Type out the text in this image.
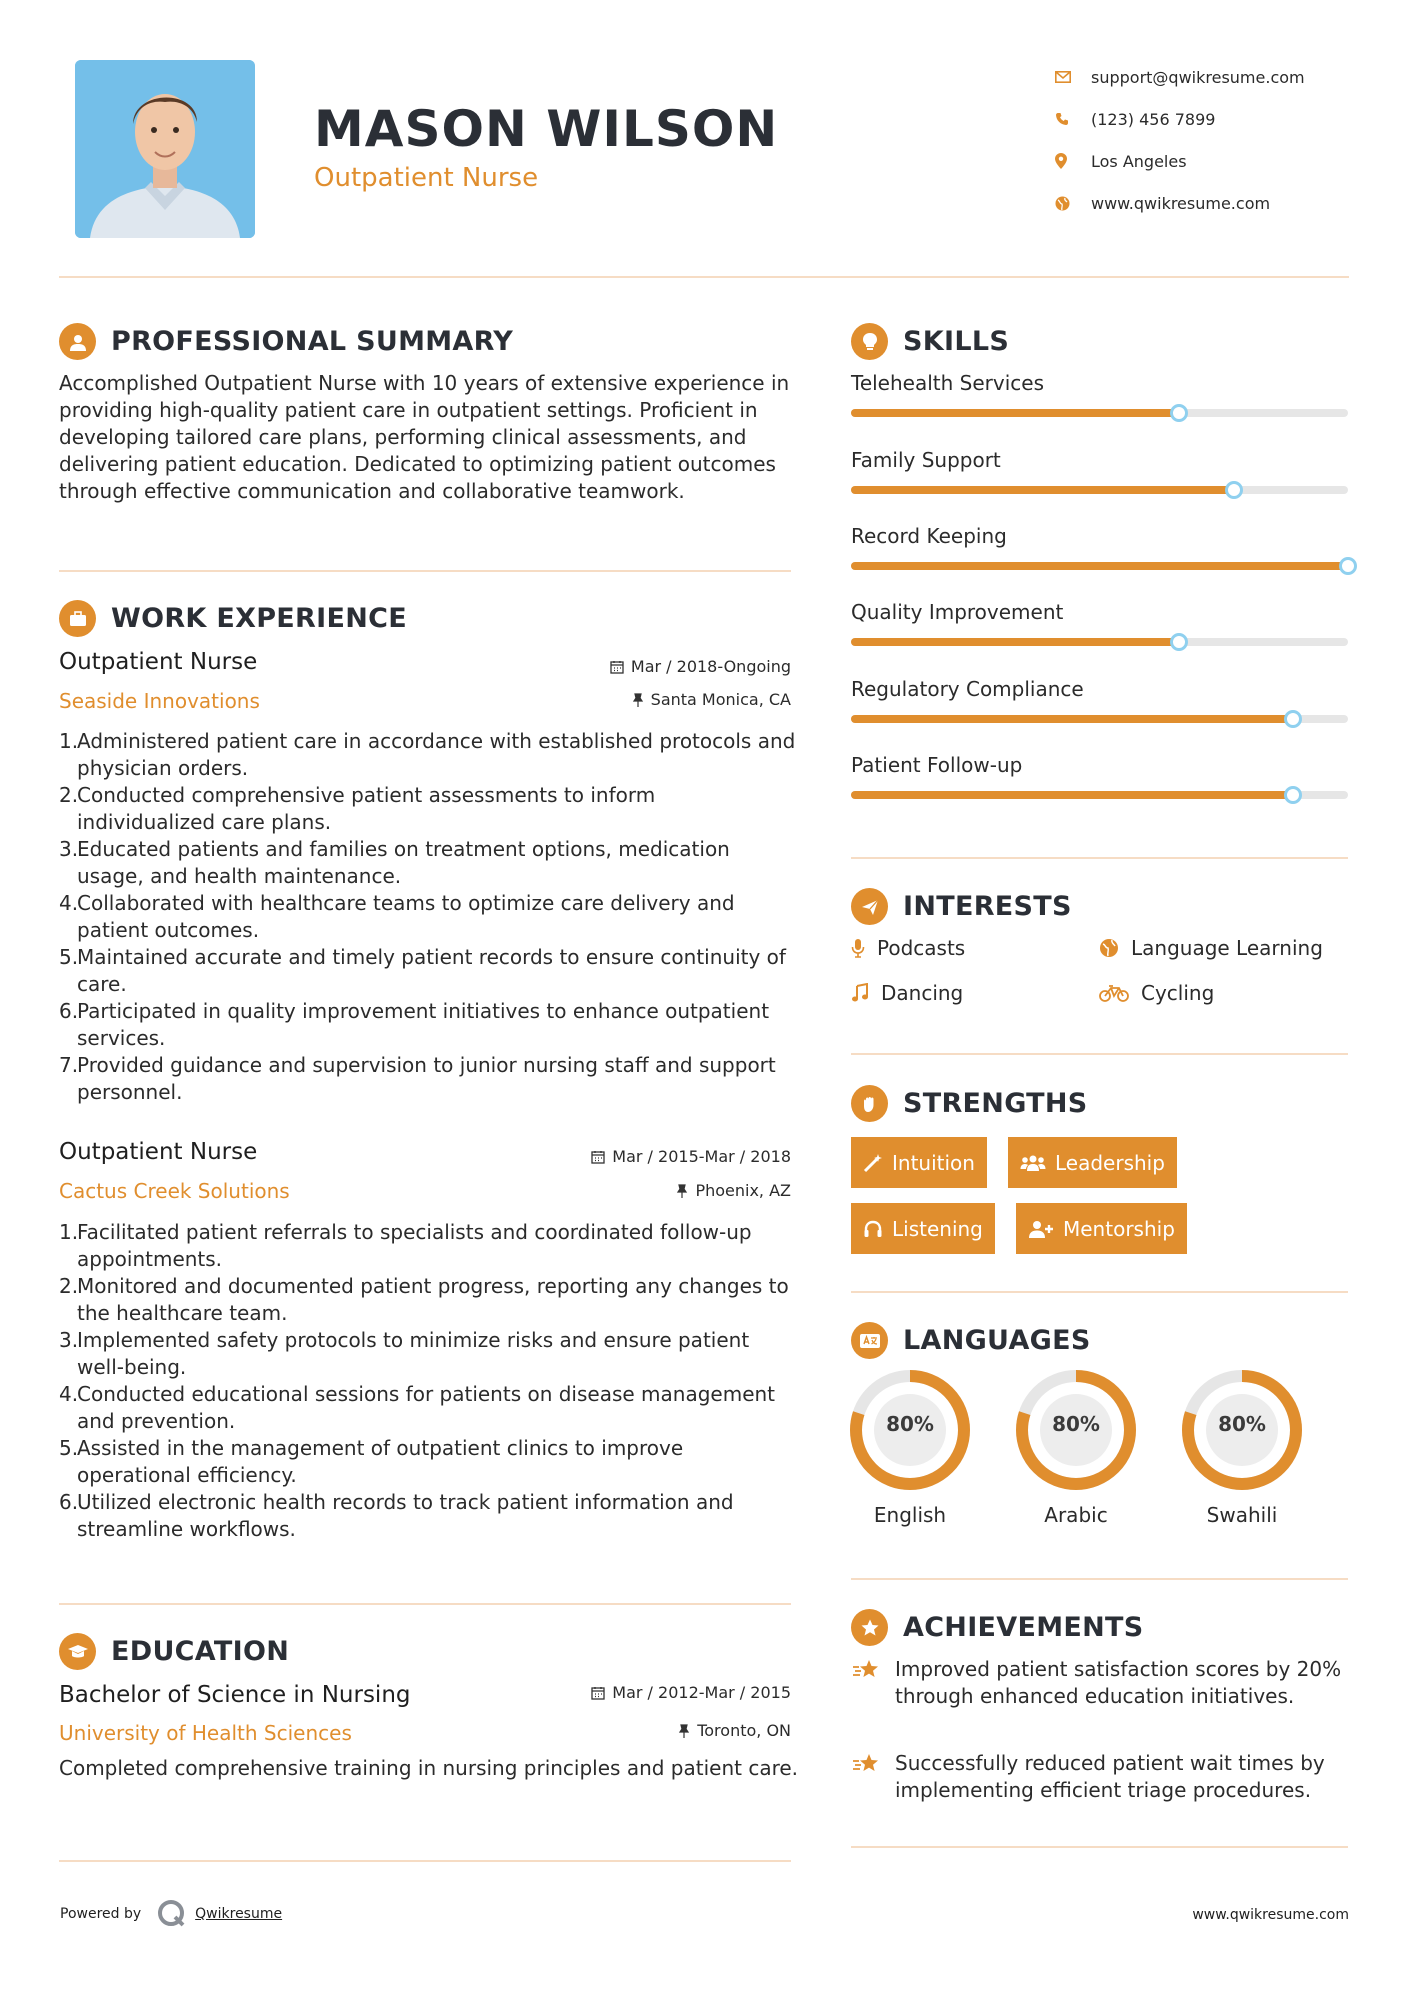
MASON WILSON
Outpatient Nurse
support@qwikresume.com
(123) 456 7899
Los Angeles
www.qwikresume.com
PROFESSIONAL SUMMARY
Accomplished Outpatient Nurse with 10 years of extensive experience in providing high-quality patient care in outpatient settings. Proficient in developing tailored care plans, performing clinical assessments, and delivering patient education. Dedicated to optimizing patient outcomes through effective communication and collaborative teamwork.
WORK EXPERIENCE
Outpatient Nurse
Seaside Innovations
Mar / 2018-Ongoing
Santa Monica, CA
1.
Administered patient care in accordance with established protocols and physician orders.
2.
Conducted comprehensive patient assessments to inform individualized care plans.
3.
Educated patients and families on treatment options, medication usage, and health maintenance.
4.
Collaborated with healthcare teams to optimize care delivery and patient outcomes.
5.
Maintained accurate and timely patient records to ensure continuity of care.
6.
Participated in quality improvement initiatives to enhance outpatient services.
7.
Provided guidance and supervision to junior nursing staff and support personnel.
Outpatient Nurse
Cactus Creek Solutions
Mar / 2015-Mar / 2018
Phoenix, AZ
1.
Facilitated patient referrals to specialists and coordinated follow-up appointments.
2.
Monitored and documented patient progress, reporting any changes to the healthcare team.
3.
Implemented safety protocols to minimize risks and ensure patient well-being.
4.
Conducted educational sessions for patients on disease management and prevention.
5.
Assisted in the management of outpatient clinics to improve operational efficiency.
6.
Utilized electronic health records to track patient information and streamline workflows.
EDUCATION
Bachelor of Science in Nursing
University of Health Sciences
Mar / 2012-Mar / 2015
Toronto, ON
Completed comprehensive training in nursing principles and patient care.
SKILLS
Telehealth Services
Family Support
Record Keeping
Quality Improvement
Regulatory Compliance
Patient Follow-up
INTERESTS
Podcasts	Language Learning
Dancing	Cycling
STRENGTHS
Intuition	Leadership
Listening	Mentorship
LANGUAGES
80%
English
80%
Arabic
80%
Swahili
ACHIEVEMENTS
Improved patient satisfaction scores by 20% through enhanced education initiatives.
Successfully reduced patient wait times by implementing efficient triage procedures.
Powered by	Qwikresume	www.qwikresume.com
